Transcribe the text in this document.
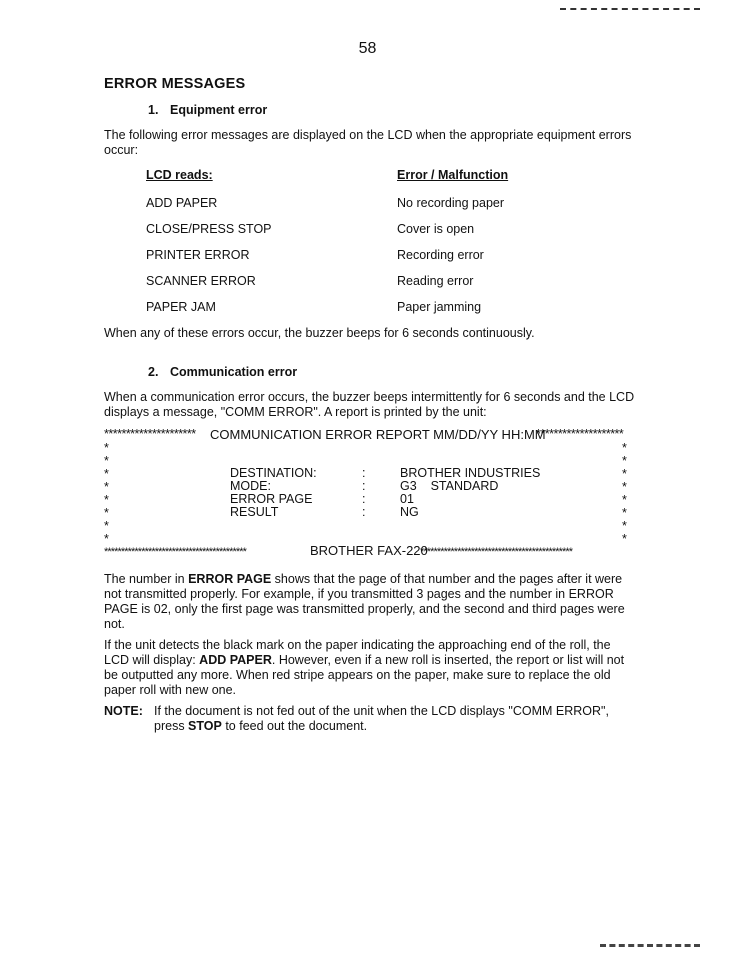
58
ERROR MESSAGES
1. Equipment error
The following error messages are displayed on the LCD when the appropriate equipment errors occur:
LCD reads:	Error / Malfunction
ADD PAPER	No recording paper
CLOSE/PRESS STOP	Cover is open
PRINTER ERROR	Recording error
SCANNER ERROR	Reading error
PAPER JAM	Paper jamming
When any of these errors occur, the buzzer beeps for 6 seconds continuously.
2. Communication error
When a communication error occurs, the buzzer beeps intermittently for 6 seconds and the LCD displays a message, "COMM ERROR". A report is printed by the unit:
********************* COMMUNICATION ERROR REPORT MM/DD/YY HH:MM
********************
*
*
*
*
*
*
*
*
*
*
*
*
*
*
*
*
DESTINATION:	:	BROTHER INDUSTRIES
MODE:	:	G3    STANDARD
ERROR PAGE	:	01
RESULT	:	NG
******************************************	BROTHER FAX-220
*********************************************
The number in ERROR PAGE shows that the page of that number and the pages after it were not transmitted properly. For example, if you transmitted 3 pages and the number in ERROR PAGE is 02, only the first page was transmitted properly, and the second and third pages were not.
If the unit detects the black mark on the paper indicating the approaching end of the roll, the LCD will display: ADD PAPER. However, even if a new roll is inserted, the report or list will not be outputted any more. When red stripe appears on the paper, make sure to replace the old paper roll with new one.
NOTE: If the document is not fed out of the unit when the LCD displays "COMM ERROR", press STOP to feed out the document.
